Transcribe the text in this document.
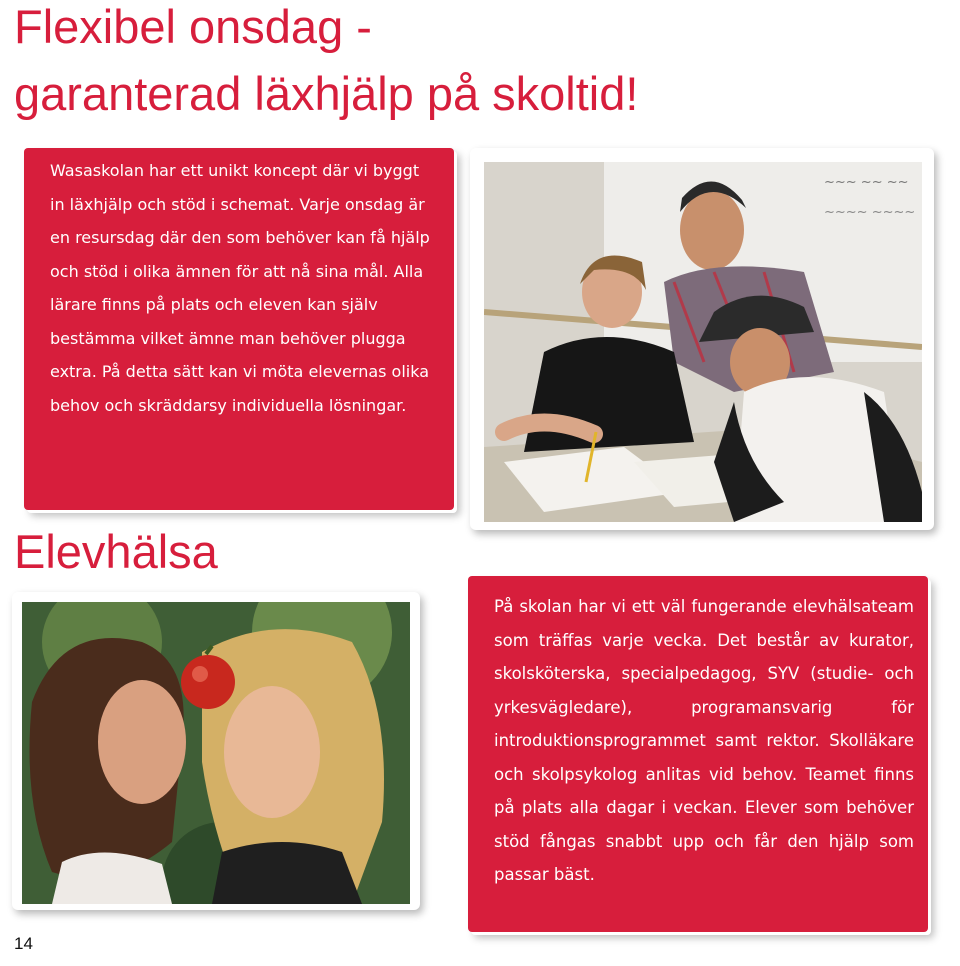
Flexibel onsdag -
garanterad läxhjälp på skoltid!

Wasaskolan har ett unikt koncept där vi byggt in läxhjälp och stöd i schemat. Varje onsdag är en resursdag där den som behöver kan få hjälp och stöd i olika ämnen för att nå sina mål. Alla lärare finns på plats och eleven kan själv bestämma vilket ämne man behöver plugga extra. På detta sätt kan vi möta elevernas olika behov och skräddarsy individuella lösningar.

~~~ ~~ ~~
~~~~ ~~~~
Elevhälsa

På skolan har vi ett väl fungerande elevhälsateam som träffas varje vecka. Det består av kurator, skolsköterska, specialpedagog, SYV (studie- och yrkesvägledare), programansvarig för introduktionsprogrammet samt rektor. Skolläkare och skolpsykolog anlitas vid behov. Teamet finns på plats alla dagar i veckan. Elever som behöver stöd fångas snabbt upp och får den hjälp som passar bäst.

14
